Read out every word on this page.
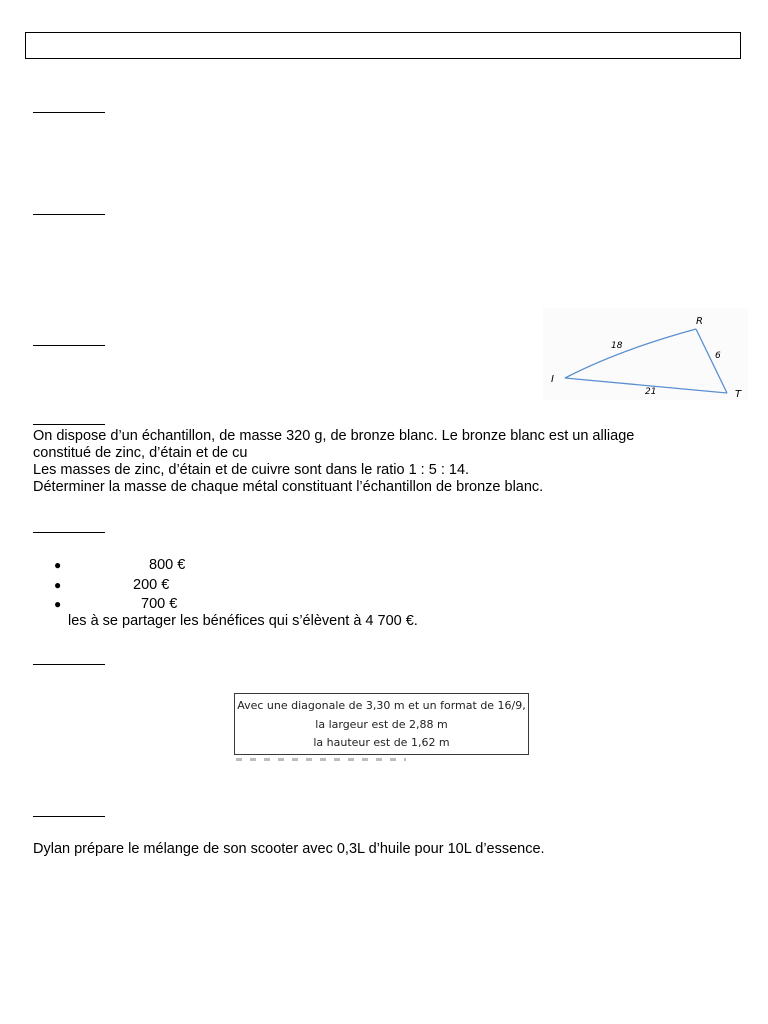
R
I
T
18
6
21
On dispose d’un échantillon, de masse 320 g, de bronze blanc. Le bronze blanc est un alliage
constitué de zinc, d’étain et de cu
Les masses de zinc, d’étain et de cuivre sont dans le ratio 1 : 5 : 14.
Déterminer la masse de chaque métal constituant l’échantillon de bronze blanc.
●	800 €
●	200 €
●	700 €
les à se partager les bénéfices qui s’élèvent à 4 700 €.
Avec une diagonale de 3,30 m et un format de 16/9,
la largeur est de 2,88 m
la hauteur est de 1,62 m
Dylan prépare le mélange de son scooter avec 0,3L d’huile pour 10L d’essence.
